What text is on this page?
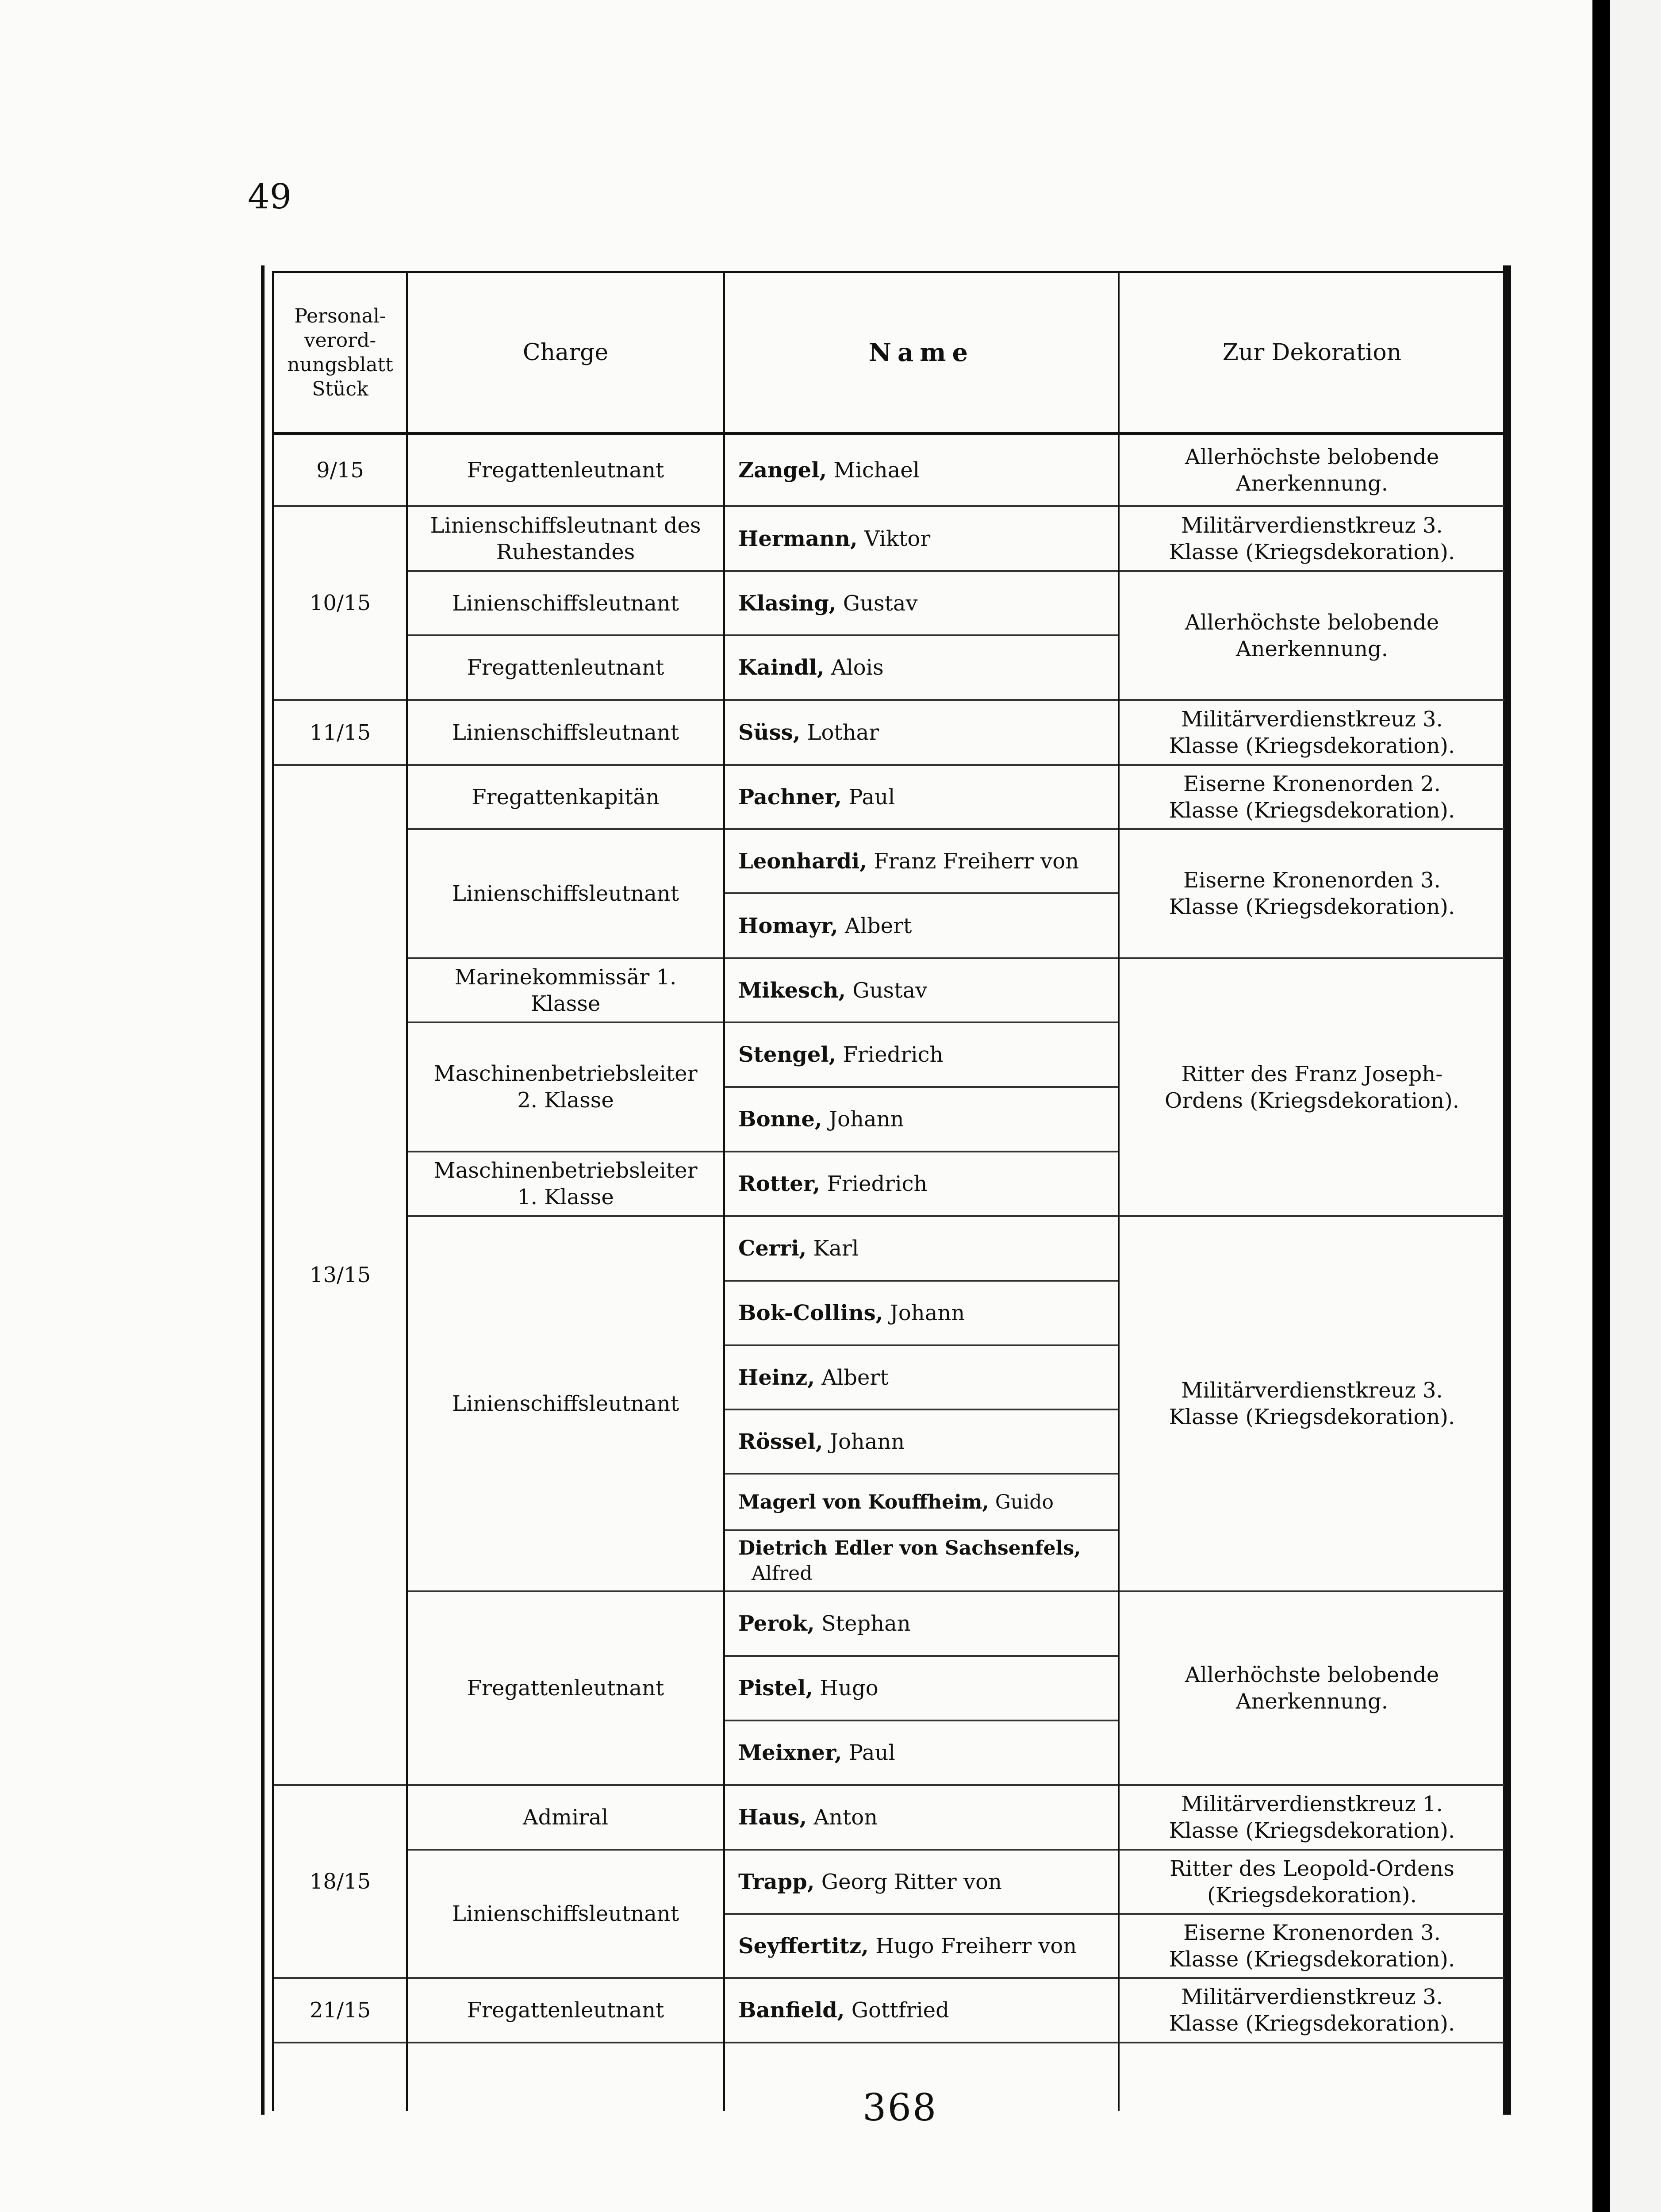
49
Personal-verord-nungsblatt Stück
Charge	Name	Zur Dekoration
9/15
10/15
11/15
13/15
18/15
21/15
Fregattenleutnant
Linienschiffsleutnant des Ruhestandes
Linienschiffsleutnant
Fregattenleutnant
Linienschiffsleutnant
Fregattenkapitän
Linienschiffsleutnant
Marinekommissär 1. Klasse
Maschinenbetriebsleiter 2. Klasse
Maschinenbetriebsleiter 1. Klasse
Linienschiffsleutnant
Fregattenleutnant
Admiral
Linienschiffsleutnant
Fregattenleutnant
Zangel,
Michael
Hermann,
Viktor
Klasing,
Gustav
Kaindl,
Alois
Süss,
Lothar
Pachner,
Paul
Leonhardi,
Franz Freiherr von
Homayr,
Albert
Mikesch,
Gustav
Stengel,
Friedrich
Bonne,
Johann
Rotter,
Friedrich
Cerri,
Karl
Bok-Collins,
Johann
Heinz,
Albert
Rössel,
Johann
Magerl von Kouffheim,
Guido
Dietrich Edler von Sachsenfels,
Alfred
Perok,
Stephan
Pistel,
Hugo
Meixner,
Paul
Haus,
Anton
Trapp,
Georg Ritter von
Seyffertitz,
Hugo Freiherr von
Banfield,
Gottfried
Allerhöchste belobende Anerkennung.
Militärverdienstkreuz 3. Klasse (Kriegsdekoration).
Allerhöchste belobende Anerkennung.
Militärverdienstkreuz 3. Klasse (Kriegsdekoration).
Eiserne Kronenorden 2. Klasse (Kriegsdekoration).
Eiserne Kronenorden 3. Klasse (Kriegsdekoration).
Ritter des Franz Joseph-Ordens (Kriegsdekoration).
Militärverdienstkreuz 3. Klasse (Kriegsdekoration).
Allerhöchste belobende Anerkennung.
Militärverdienstkreuz 1. Klasse (Kriegsdekoration).
Ritter des Leopold-Ordens (Kriegsdekoration).
Eiserne Kronenorden 3. Klasse (Kriegsdekoration).
Militärverdienstkreuz 3. Klasse (Kriegsdekoration).
368
